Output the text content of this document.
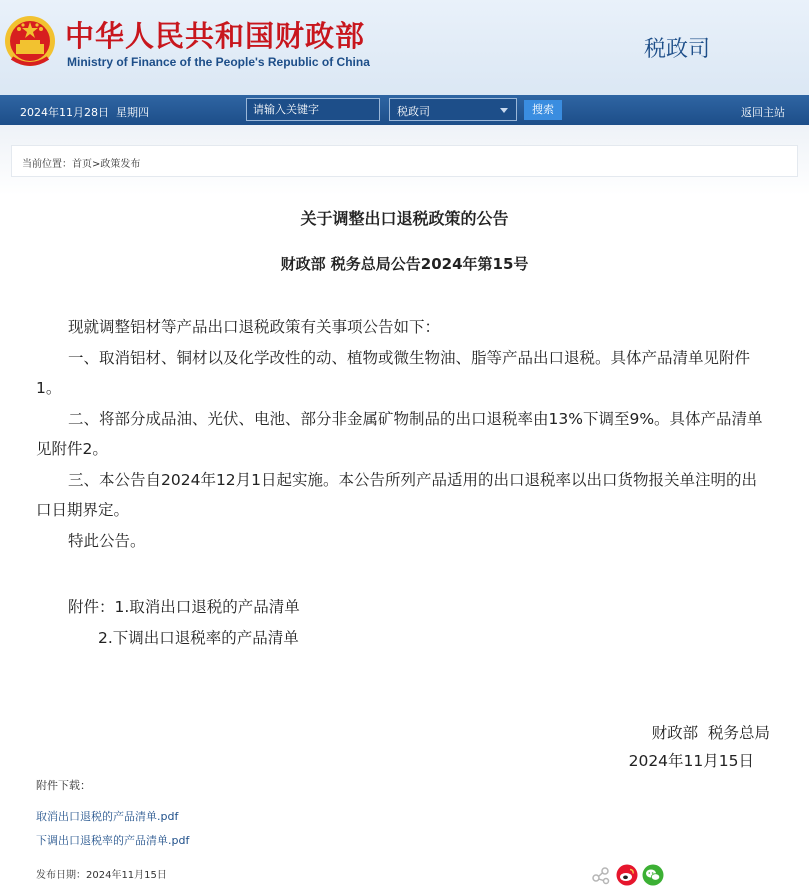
中华人民共和国财政部
Ministry of Finance of the People's Republic of China	税政司
2024年11月28日 星期四
请输入关键字	税政司	搜索	返回主站
当前位置：首页>政策发布
关于调整出口退税政策的公告
财政部 税务总局公告2024年第15号

现就调整铝材等产品出口退税政策有关事项公告如下：

一、取消铝材、铜材以及化学改性的动、植物或微生物油、脂等产品出口退税。具体产品清单见附件1。

二、将部分成品油、光伏、电池、部分非金属矿物制品的出口退税率由13%下调至9%。具体产品清单见附件2。

三、本公告自2024年12月1日起实施。本公告所列产品适用的出口退税率以出口货物报关单注明的出口日期界定。

特此公告。

附件：1.取消出口退税的产品清单
2.下调出口退税率的产品清单
财政部  税务总局
2024年11月15日
附件下载：
取消出口退税的产品清单.pdf
下调出口退税率的产品清单.pdf
发布日期：2024年11月15日
